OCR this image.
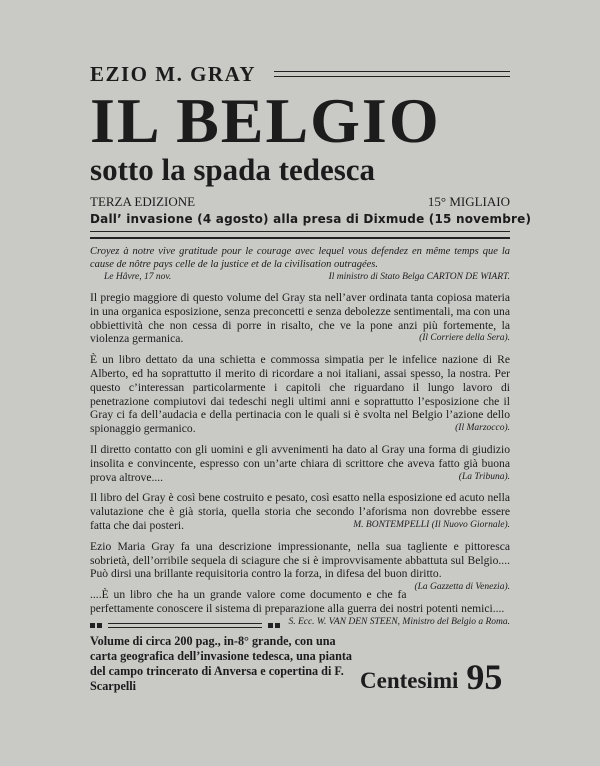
EZIO M. GRAY
IL BELGIO
sotto la spada tedesca
TERZA EDIZIONE	15° MIGLIAIO
Dall’ invasione (4 agosto) alla presa di Dixmude (15 novembre)
Croyez à notre vive gratitude pour le courage avec lequel vous defendez en même temps que la cause de nôtre pays celle de la justice et de la civilisation outragées.
Le Hâvre, 17 nov.	Il ministro di Stato Belga CARTON DE WIART.
Il pregio maggiore di questo volume del Gray sta nell’aver ordinata tanta copiosa materia in una organica esposizione, senza preconcetti e senza debolezze sentimentali, ma con una obbiettività che non cessa di porre in risalto, che ve la pone anzi più fortemente, la violenza germanica.	(Il Corriere della Sera).
È un libro dettato da una schietta e commossa simpatia per le infelice nazione di Re Alberto, ed ha soprattutto il merito di ricordare a noi italiani, assai spesso, la nostra. Per questo c’interessan particolarmente i capitoli che riguardano il lungo lavoro di penetrazione compiutovi dai tedeschi negli ultimi anni e soprattutto l’esposizione che il Gray ci fa dell’audacia e della pertinacia con le quali si è svolta nel Belgio l’azione dello spionaggio germanico.	(Il Marzocco).
Il diretto contatto con gli uomini e gli avvenimenti ha dato al Gray una forma di giudizio insolita e convincente, espresso con un’arte chiara di scrittore che aveva fatto già buona prova altrove....	(La Tribuna).
Il libro del Gray è così bene costruito e pesato, così esatto nella esposizione ed acuto nella valutazione che è già storia, quella storia che secondo l’aforisma non dovrebbe essere fatta che dai posteri.	M. BONTEMPELLI (Il Nuovo Giornale).
Ezio Maria Gray fa una descrizione impressionante, nella sua tagliente e pittoresca sobrietà, dell’orribile sequela di sciagure che si è improvvisamente abbattuta sul Belgio.... Può dirsi una brillante requisitoria contro la forza, in difesa del buon diritto.
(La Gazzetta di Venezia).
....È un libro che ha un grande valore come documento e che fa perfettamente conoscere il sistema di preparazione alla guerra dei nostri potenti nemici....
S. Ecc. W. VAN DEN STEEN, Ministro del Belgio a Roma.
Volume di circa 200 pag., in-8° grande, con una carta geografica dell’invasione tedesca, una pianta del campo trincerato di Anversa e copertina di F. Scarpelli	Centesimi 95
